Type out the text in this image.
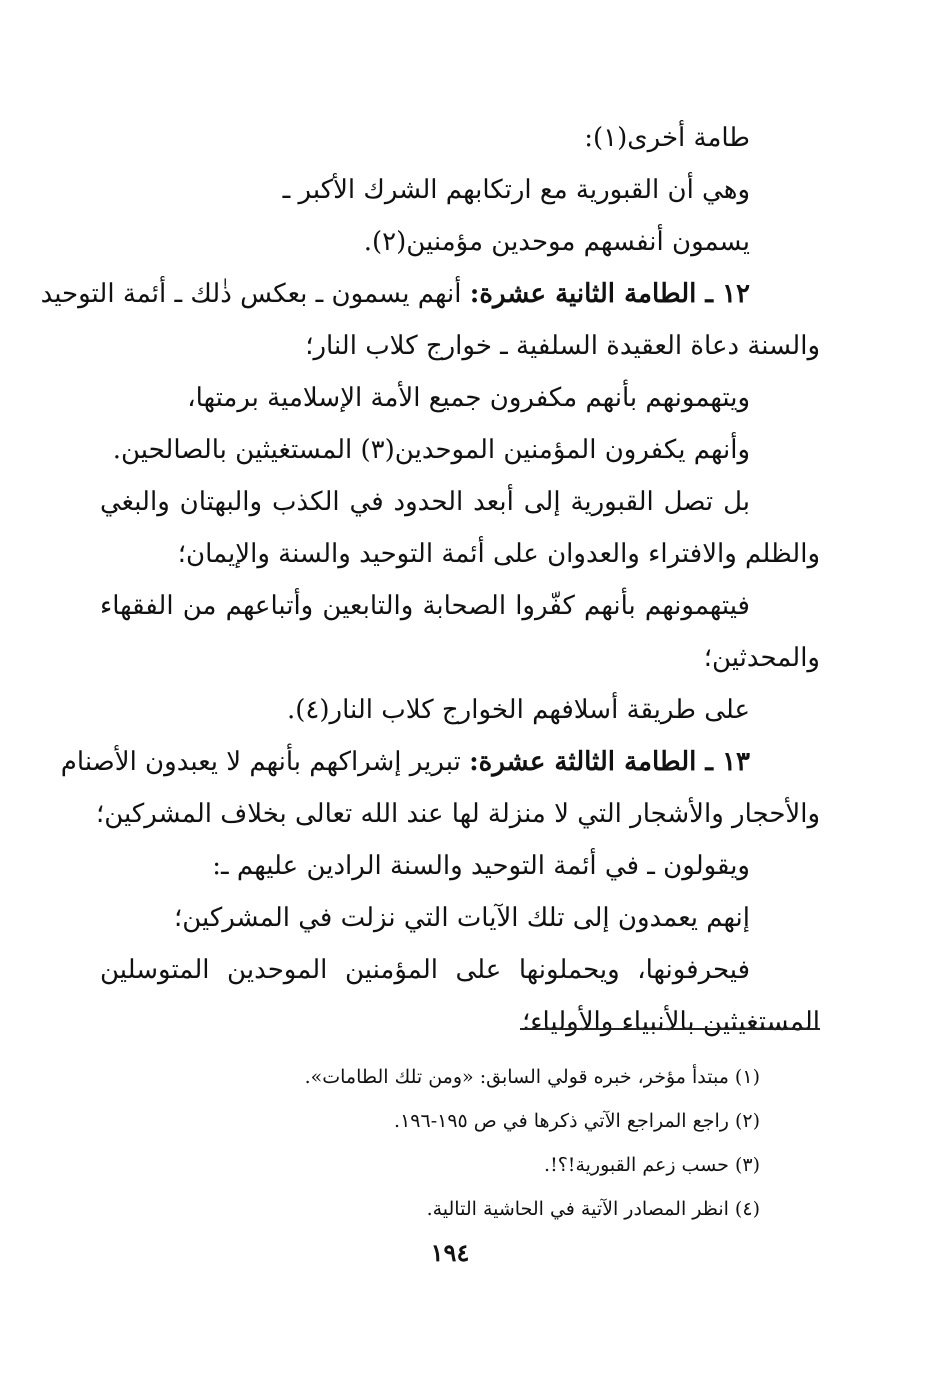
طامة أخرى(١):
وهي أن القبورية مع ارتكابهم الشرك الأكبر ـ
يسمون أنفسهم موحدين مؤمنين(٢).
١٢ ـ الطامة الثانية عشرة: أنهم يسمون ـ بعكس ذٰلك ـ أئمة التوحيد
والسنة دعاة العقيدة السلفية ـ خوارج كلاب النار؛
ويتهمونهم بأنهم مكفرون جميع الأمة الإسلامية برمتها،
وأنهم يكفرون المؤمنين الموحدين(٣) المستغيثين بالصالحين.
بل تصل القبورية إلى أبعد الحدود في الكذب والبهتان والبغي
والظلم والافتراء والعدوان على أئمة التوحيد والسنة والإيمان؛
فيتهمونهم بأنهم كفّروا الصحابة والتابعين وأتباعهم من الفقهاء
والمحدثين؛
على طريقة أسلافهم الخوارج كلاب النار(٤).
١٣ ـ الطامة الثالثة عشرة: تبرير إشراكهم بأنهم لا يعبدون الأصنام
والأحجار والأشجار التي لا منزلة لها عند الله تعالى بخلاف المشركين؛
ويقولون ـ في أئمة التوحيد والسنة الرادين عليهم ـ:
إنهم يعمدون إلى تلك الآيات التي نزلت في المشركين؛
فيحرفونها، ويحملونها على المؤمنين الموحدين المتوسلين
المستغيثين بالأنبياء والأولياء؛
(١) مبتدأ مؤخر، خبره قولي السابق: «ومن تلك الطامات».
(٢) راجع المراجع الآتي ذكرها في ص ١٩٥-١٩٦.
(٣) حسب زعم القبورية!؟!.
(٤) انظر المصادر الآتية في الحاشية التالية.
١٩٤
